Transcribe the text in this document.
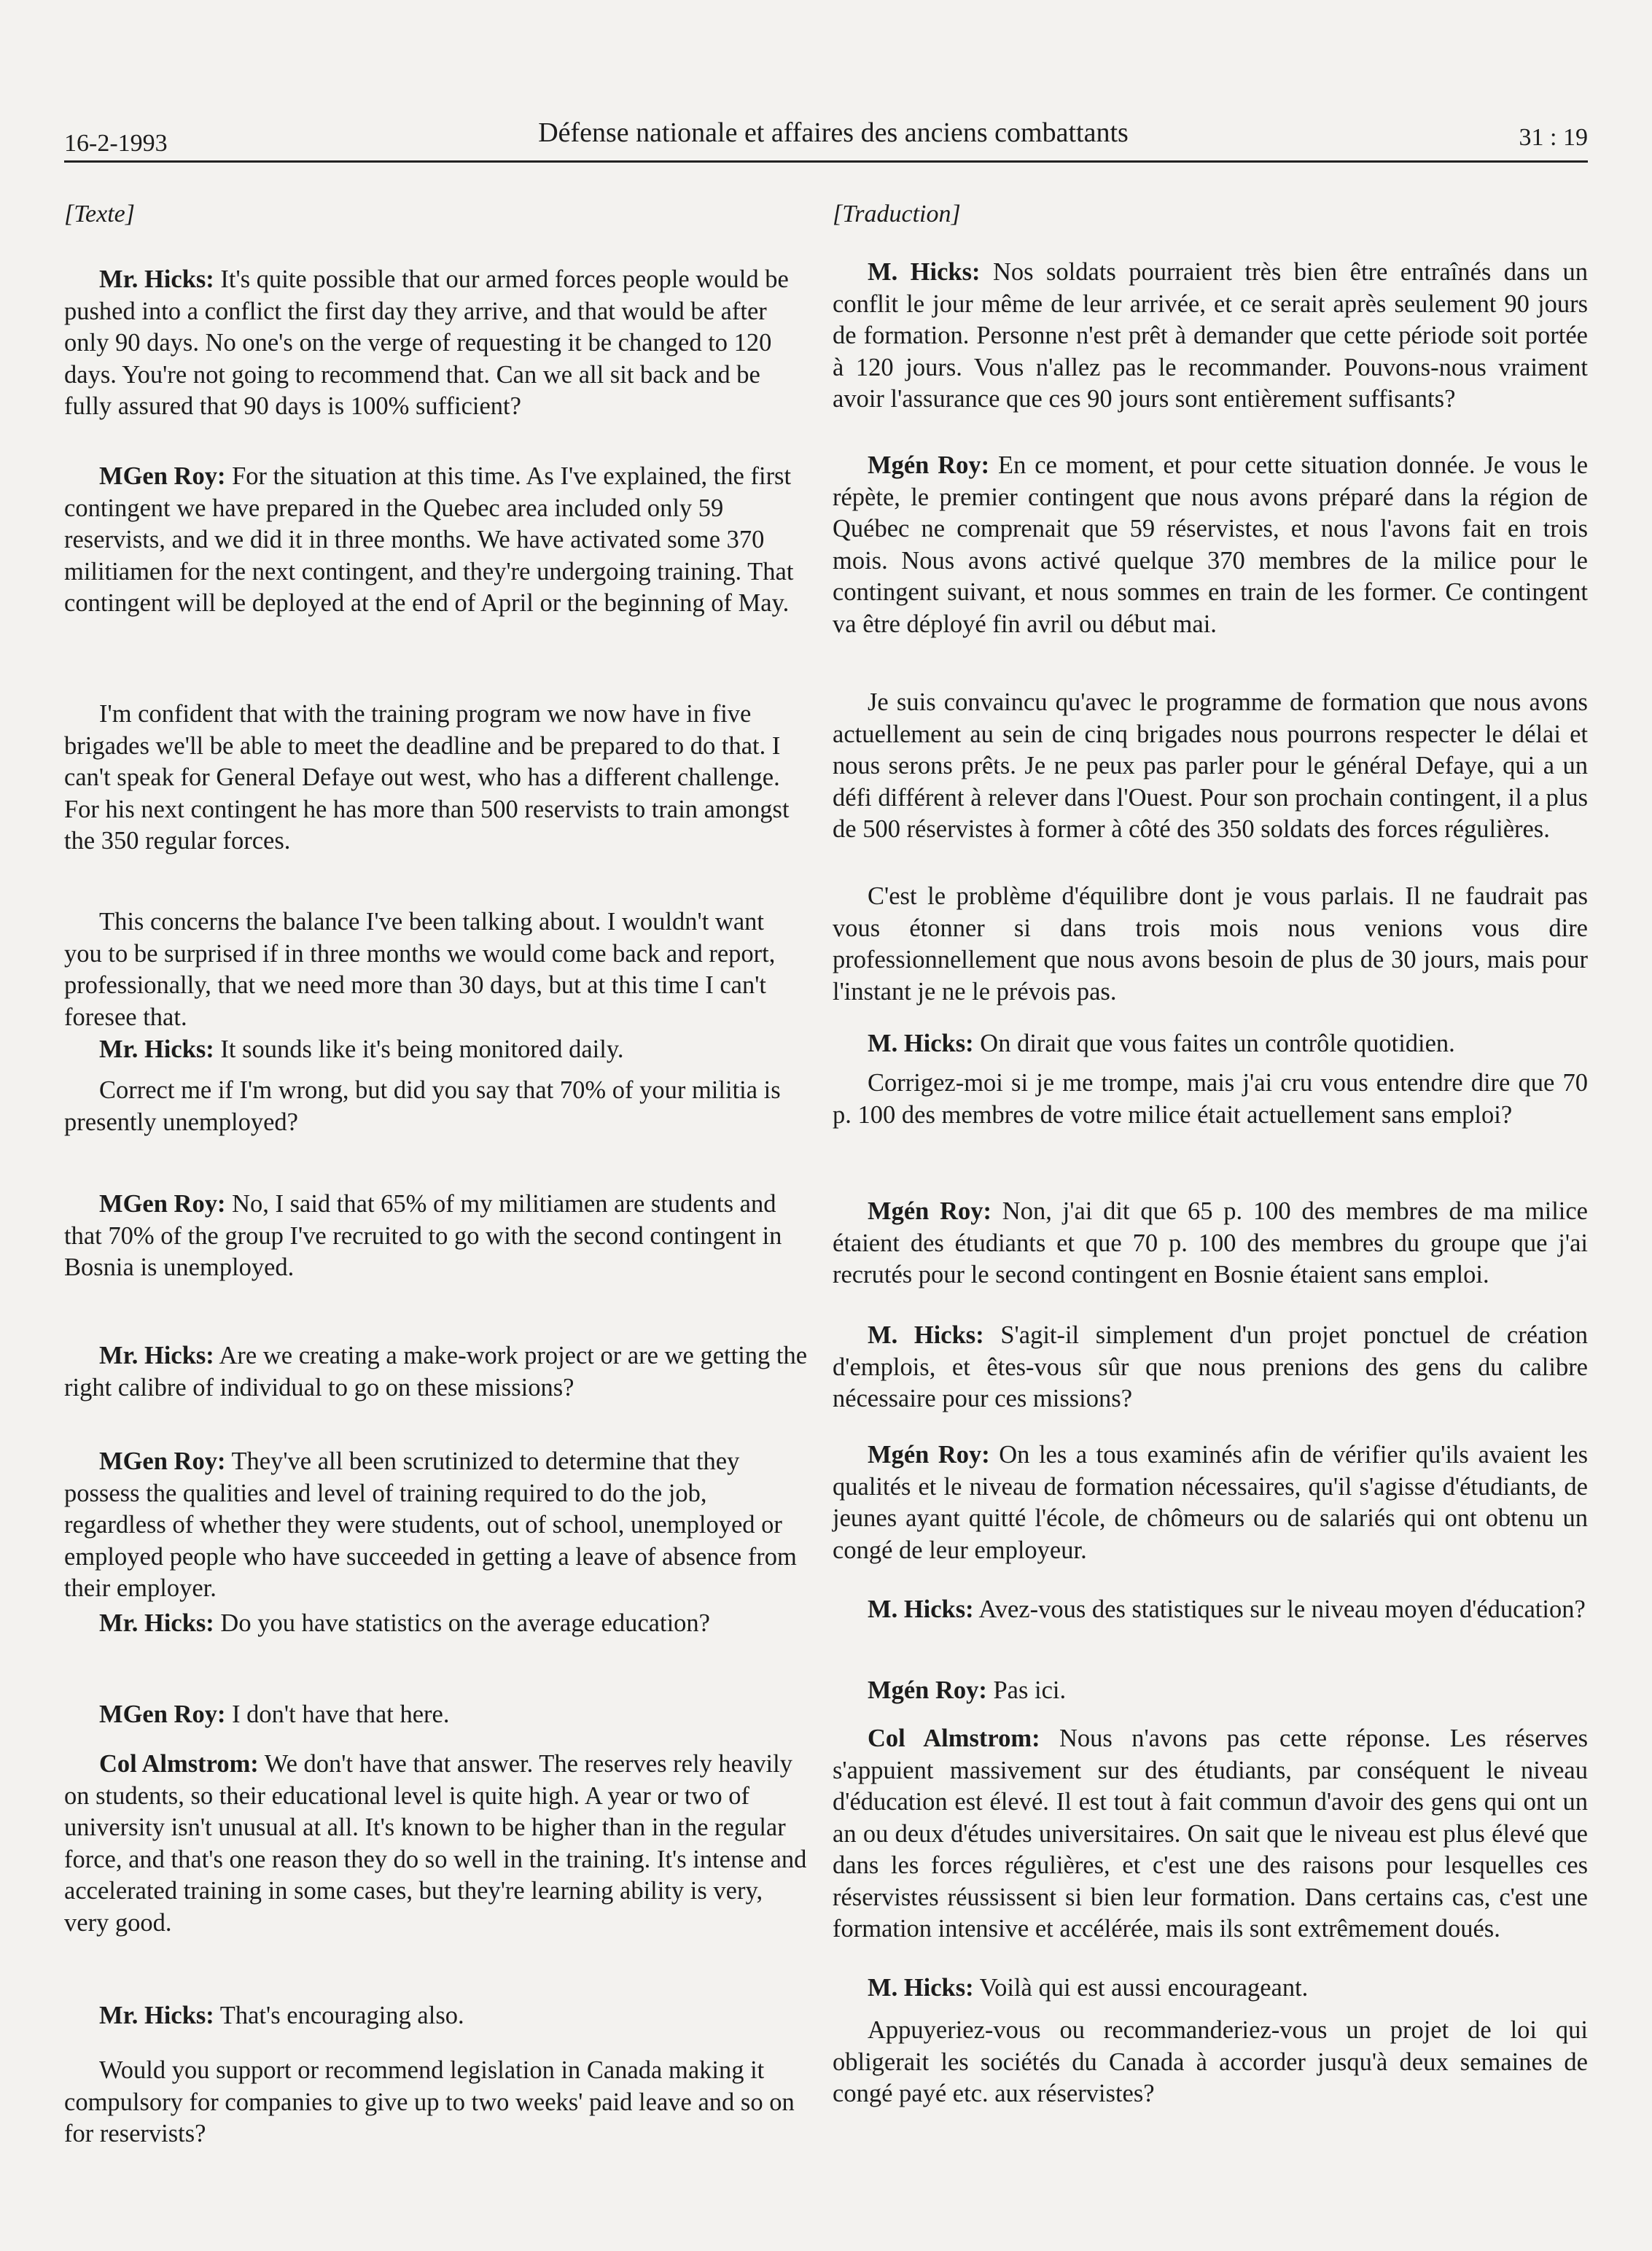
16-2-1993	Défense nationale et affaires des anciens combattants	31 : 19
[Texte]

Mr. Hicks: It's quite possible that our armed forces people would be pushed into a conflict the first day they arrive, and that would be after only 90 days. No one's on the verge of requesting it be changed to 120 days. You're not going to recommend that. Can we all sit back and be fully assured that 90 days is 100% sufficient?

MGen Roy: For the situation at this time. As I've explained, the first contingent we have prepared in the Quebec area included only 59 reservists, and we did it in three months. We have activated some 370 militiamen for the next contingent, and they're undergoing training. That contingent will be deployed at the end of April or the beginning of May.

I'm confident that with the training program we now have in five brigades we'll be able to meet the deadline and be prepared to do that. I can't speak for General Defaye out west, who has a different challenge. For his next contingent he has more than 500 reservists to train amongst the 350 regular forces.

This concerns the balance I've been talking about. I wouldn't want you to be surprised if in three months we would come back and report, professionally, that we need more than 30 days, but at this time I can't foresee that.

Mr. Hicks: It sounds like it's being monitored daily.

Correct me if I'm wrong, but did you say that 70% of your militia is presently unemployed?

MGen Roy: No, I said that 65% of my militiamen are students and that 70% of the group I've recruited to go with the second contingent in Bosnia is unemployed.

Mr. Hicks: Are we creating a make-work project or are we getting the right calibre of individual to go on these missions?

MGen Roy: They've all been scrutinized to determine that they possess the qualities and level of training required to do the job, regardless of whether they were students, out of school, unemployed or employed people who have succeeded in getting a leave of absence from their employer.

Mr. Hicks: Do you have statistics on the average education?

MGen Roy: I don't have that here.

Col Almstrom: We don't have that answer. The reserves rely heavily on students, so their educational level is quite high. A year or two of university isn't unusual at all. It's known to be higher than in the regular force, and that's one reason they do so well in the training. It's intense and accelerated training in some cases, but they're learning ability is very, very good.

Mr. Hicks: That's encouraging also.

Would you support or recommend legislation in Canada making it compulsory for companies to give up to two weeks' paid leave and so on for reservists?

[Traduction]

M. Hicks: Nos soldats pourraient très bien être entraînés dans un conflit le jour même de leur arrivée, et ce serait après seulement 90 jours de formation. Personne n'est prêt à demander que cette période soit portée à 120 jours. Vous n'allez pas le recommander. Pouvons-nous vraiment avoir l'assurance que ces 90 jours sont entièrement suffisants?

Mgén Roy: En ce moment, et pour cette situation donnée. Je vous le répète, le premier contingent que nous avons préparé dans la région de Québec ne comprenait que 59 réservistes, et nous l'avons fait en trois mois. Nous avons activé quelque 370 membres de la milice pour le contingent suivant, et nous sommes en train de les former. Ce contingent va être déployé fin avril ou début mai.

Je suis convaincu qu'avec le programme de formation que nous avons actuellement au sein de cinq brigades nous pourrons respecter le délai et nous serons prêts. Je ne peux pas parler pour le général Defaye, qui a un défi différent à relever dans l'Ouest. Pour son prochain contingent, il a plus de 500 réservistes à former à côté des 350 soldats des forces régulières.

C'est le problème d'équilibre dont je vous parlais. Il ne faudrait pas vous étonner si dans trois mois nous venions vous dire professionnellement que nous avons besoin de plus de 30 jours, mais pour l'instant je ne le prévois pas.

M. Hicks: On dirait que vous faites un contrôle quotidien.

Corrigez-moi si je me trompe, mais j'ai cru vous entendre dire que 70 p. 100 des membres de votre milice était actuellement sans emploi?

Mgén Roy: Non, j'ai dit que 65 p. 100 des membres de ma milice étaient des étudiants et que 70 p. 100 des membres du groupe que j'ai recrutés pour le second contingent en Bosnie étaient sans emploi.

M. Hicks: S'agit-il simplement d'un projet ponctuel de création d'emplois, et êtes-vous sûr que nous prenions des gens du calibre nécessaire pour ces missions?

Mgén Roy: On les a tous examinés afin de vérifier qu'ils avaient les qualités et le niveau de formation nécessaires, qu'il s'agisse d'étudiants, de jeunes ayant quitté l'école, de chômeurs ou de salariés qui ont obtenu un congé de leur employeur.

M. Hicks: Avez-vous des statistiques sur le niveau moyen d'éducation?

Mgén Roy: Pas ici.

Col Almstrom: Nous n'avons pas cette réponse. Les réserves s'appuient massivement sur des étudiants, par conséquent le niveau d'éducation est élevé. Il est tout à fait commun d'avoir des gens qui ont un an ou deux d'études universitaires. On sait que le niveau est plus élevé que dans les forces régulières, et c'est une des raisons pour lesquelles ces réservistes réussissent si bien leur formation. Dans certains cas, c'est une formation intensive et accélérée, mais ils sont extrêmement doués.

M. Hicks: Voilà qui est aussi encourageant.

Appuyeriez-vous ou recommanderiez-vous un projet de loi qui obligerait les sociétés du Canada à accorder jusqu'à deux semaines de congé payé etc. aux réservistes?
